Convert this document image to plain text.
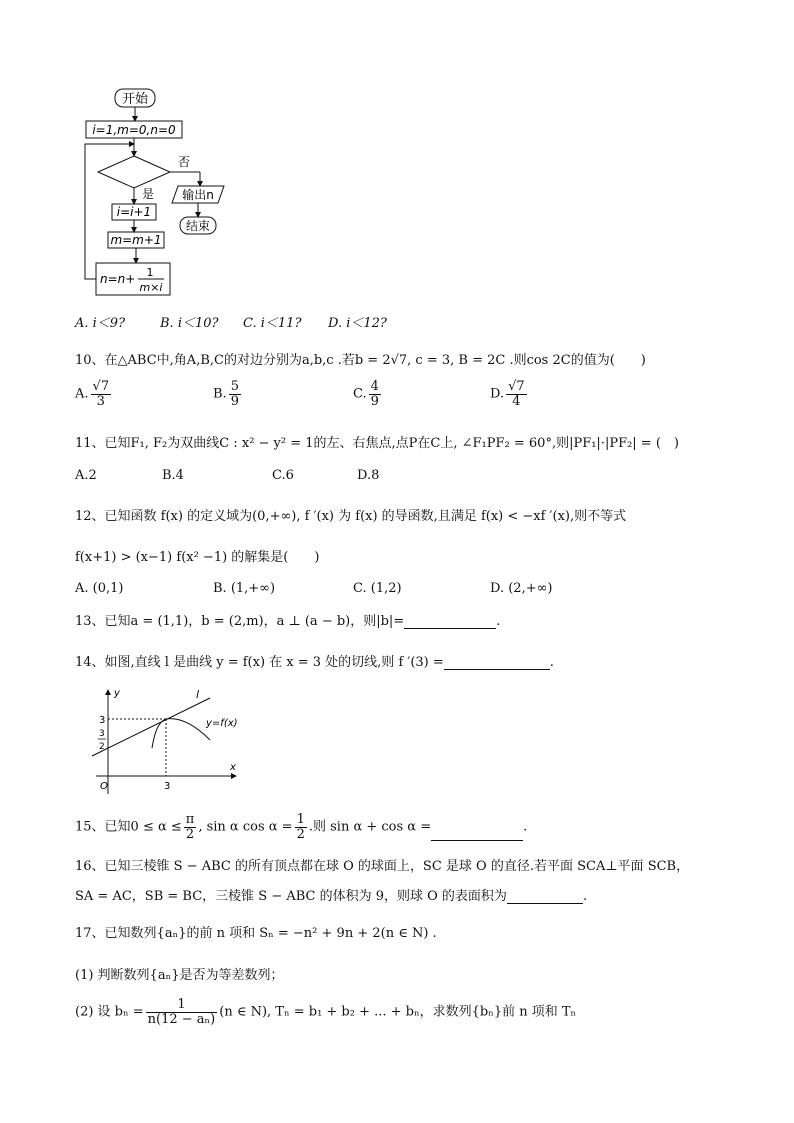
开始
i=1,m=0,n=0
否
输出n
结束
是
i=i+1
m=m+1
n=n+ 1
m×i
A. i＜9?	B. i＜10? C. i＜11? D. i＜12?
10、在△ABC中,角A,B,C的对边分别为a,b,c .若b = 2√7, c = 3, B = 2C .则cos 2C的值为(　　)
A. $\frac{√7}{3}$	B. $\frac{5}{9}$	C. $\frac{4}{9}$	D. $\frac{√7}{4}$
11、已知F₁, F₂为双曲线C : x² − y² = 1的左、右焦点,点P在C上, ∠F₁PF₂ = 60°,则|PF₁|·|PF₂| = (　)
A.2	B.4	C.6	D.8
12、已知函数 f(x) 的定义域为(0,+∞), f ′(x) 为 f(x) 的导函数,且满足 f(x) < −xf ′(x),则不等式
f(x+1) > (x−1) f(x² −1) 的解集是(　　)
A. (0,1)	B. (1,+∞)	C. (1,2)	D. (2,+∞)
13、已知a = (1,1)，b = (2,m)，a ⊥ (a − b)，则|b|=	.
14、如图,直线 l 是曲线 y = f(x) 在 x = 3 处的切线,则 f ′(3) =	.
y
x
O	3
3
3
2
l
y=f(x)
15、已知$0 \le \alpha \le \frac{\pi}{2}$ , sin α $\cos \alpha = \frac{1}{2}$ .则 sin α + cos α =	.
16、已知三棱锥 S − ABC 的所有顶点都在球 O 的球面上，SC 是球 O 的直径.若平面 SCA⊥平面 SCB，
SA = AC，SB = BC，三棱锥 S − ABC 的体积为 9，则球 O 的表面积为	.
17、已知数列{aₙ}的前 n 项和 Sₙ = −n² + 9n + 2(n ∈ N) .
(1) 判断数列{aₙ}是否为等差数列；
(2) 设 $b_n = \frac{1}{\text{n(12 − aₙ)}} (n$ ∈ N), Tₙ = b₁ + b₂ + ... + bₙ，求数列{bₙ}前 n 项和 Tₙ
